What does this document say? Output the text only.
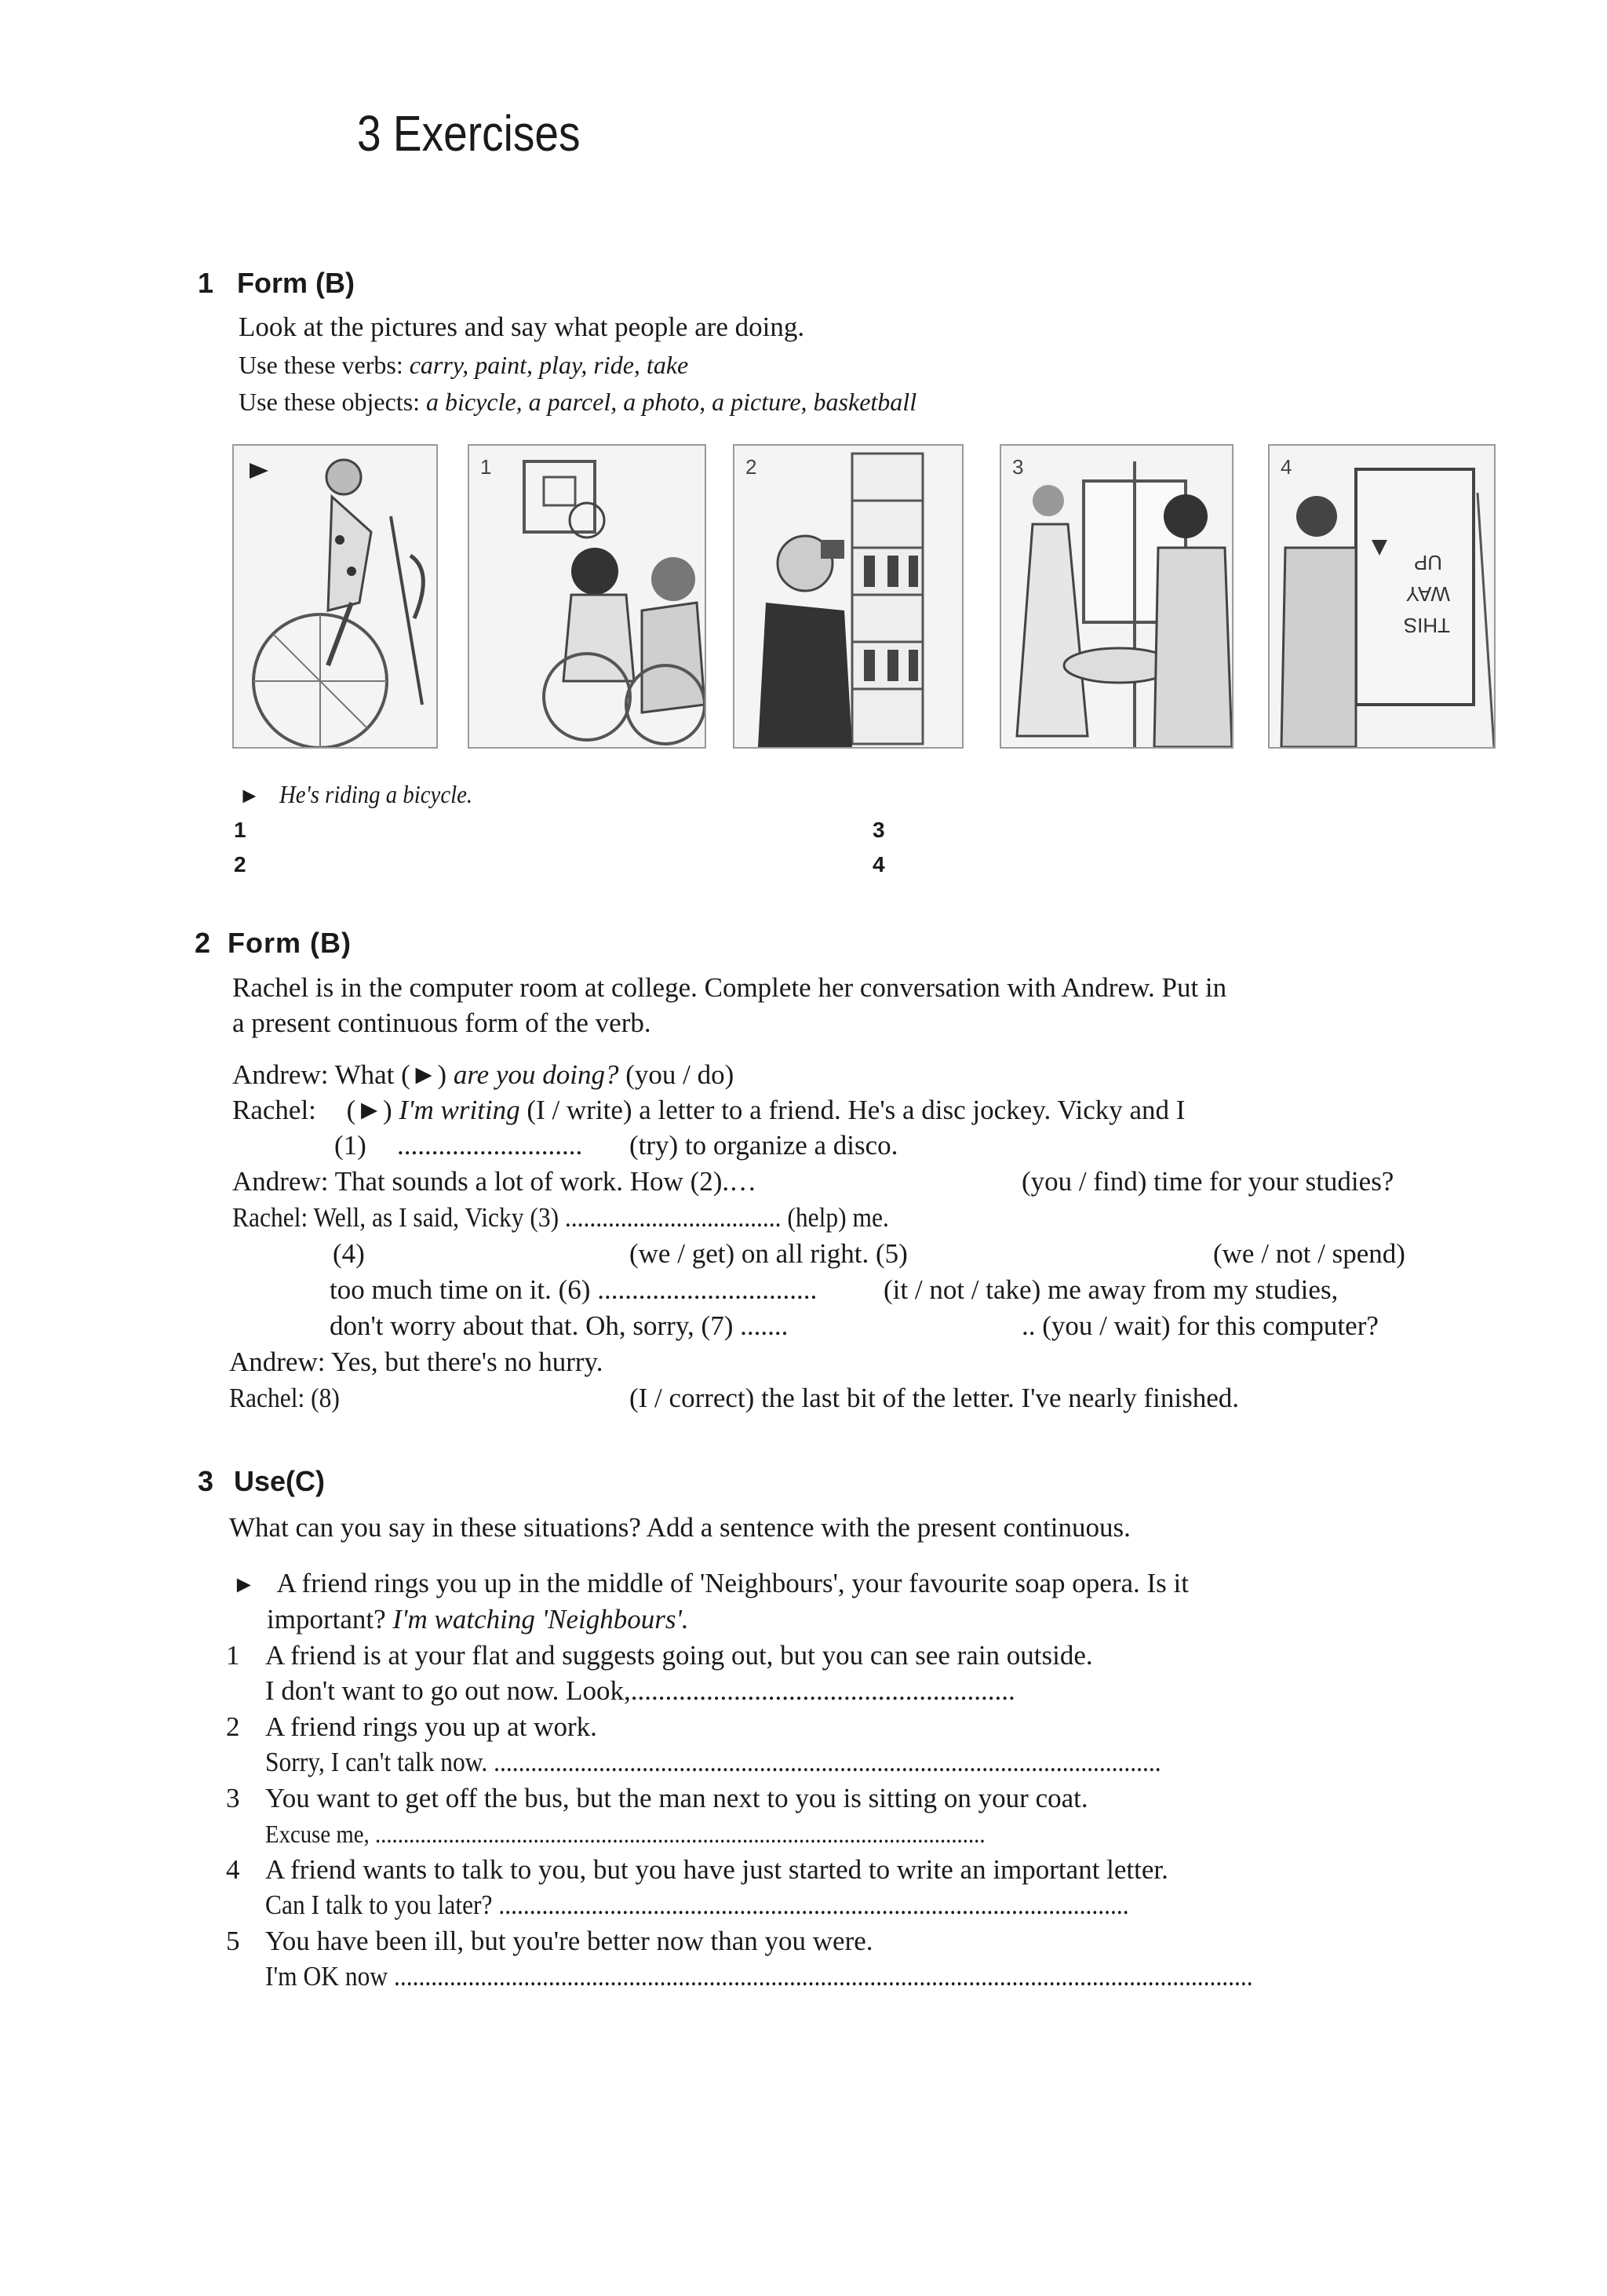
3 Exercises
1 Form (B)
Look at the pictures and say what people are doing.
Use these verbs: carry, paint, play, ride, take
Use these objects: a bicycle, a parcel, a photo, a picture, basketball
1	2	3	4
THIS
WAY
UP
► He's riding a bicycle.
1
2
3
4
2 Form (B)
Rachel is in the computer room at college. Complete her conversation with Andrew. Put in
a present continuous form of the verb.
Andrew: What (►) are you doing? (you / do)
Rachel: (►) I'm writing (I / write) a letter to a friend. He's a disc jockey. Vicky and I
(1) ........................... (try) to organize a disco.
Andrew: That sounds a lot of work. How (2).…	(you / find) time for your studies?
Rachel: Well, as I said, Vicky (3) ................................... (help) me.
(4)	(we / get) on all right. (5)	(we / not / spend)
too much time on it. (6) ................................ (it / not / take) me away from my studies,
don't worry about that. Oh, sorry, (7) .......	.. (you / wait) for this computer?
Andrew: Yes, but there's no hurry.
Rachel: (8)	(I / correct) the last bit of the letter. I've nearly finished.
3 Use(C)
What can you say in these situations? Add a sentence with the present continuous.
► A friend rings you up in the middle of 'Neighbours', your favourite soap opera. Is it
important? I'm watching 'Neighbours'.
1 A friend is at your flat and suggests going out, but you can see rain outside.
I don't want to go out now. Look,........................................................
2 A friend rings you up at work.
Sorry, I can't talk now. ............................................................................................................
3 You want to get off the bus, but the man next to you is sitting on your coat.
Excuse me, ............................................................................................................
4 A friend wants to talk to you, but you have just started to write an important letter.
Can I talk to you later? ......................................................................................................
5 You have been ill, but you're better now than you were.
I'm OK now ...........................................................................................................................................
